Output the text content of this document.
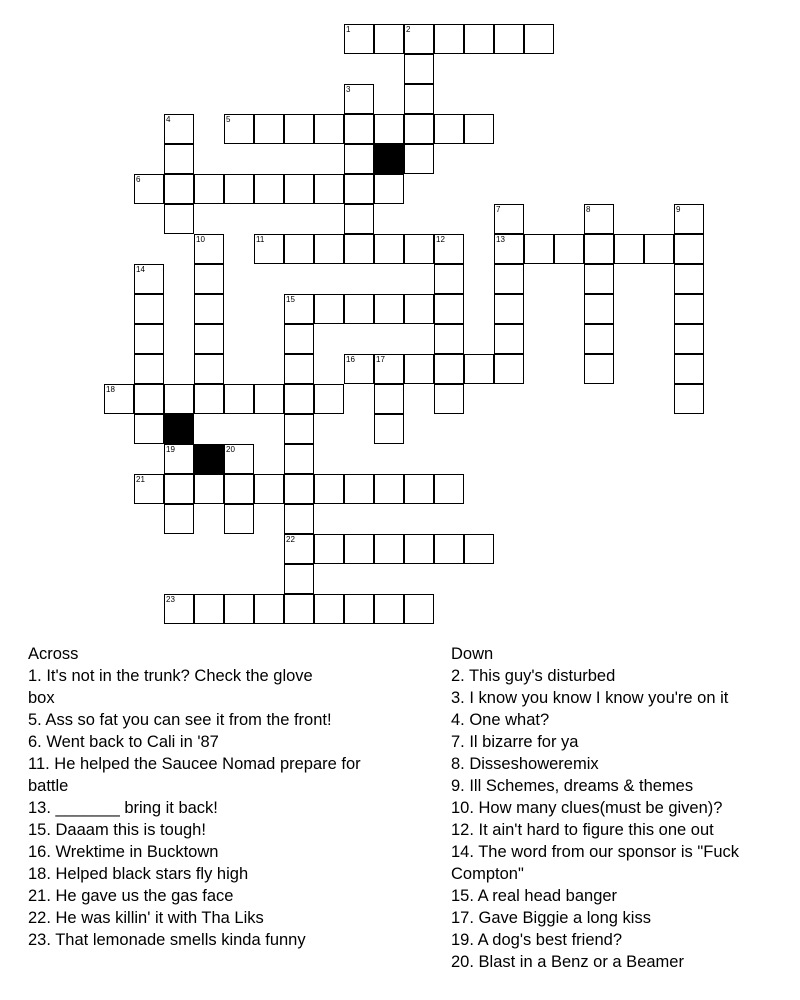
1	2
3
4	5
6
7	8	9
10	11	12	13
14
15
16	17
18
19	20
21
22
23

Across

1. It's not in the trunk? Check the glove

box

5. Ass so fat you can see it from the front!

6. Went back to Cali in '87

11. He helped the Saucee Nomad prepare for

battle

13. _______ bring it back!

15. Daaam this is tough!

16. Wrektime in Bucktown

18. Helped black stars fly high

21. He gave us the gas face

22. He was killin' it with Tha Liks

23. That lemonade smells kinda funny

Down

2. This guy's disturbed

3. I know you know I know you're on it

4. One what?

7. Il bizarre for ya

8. Disseshoweremix

9. Ill Schemes, dreams & themes

10. How many clues(must be given)?

12. It ain't hard to figure this one out

14. The word from our sponsor is "Fuck

Compton"

15. A real head banger

17. Gave Biggie a long kiss

19. A dog's best friend?

20. Blast in a Benz or a Beamer
